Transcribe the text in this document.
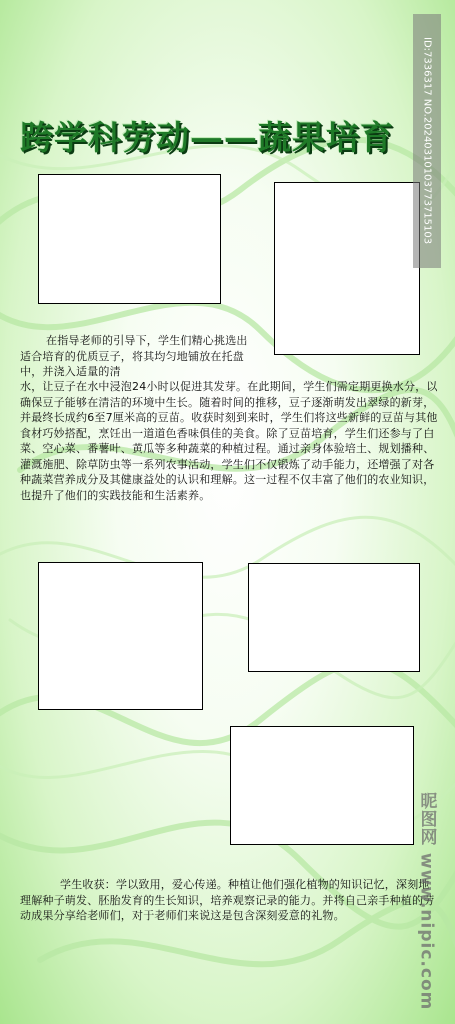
跨学科劳动——蔬果培育

在指导老师的引导下，学生们精心挑选出适合培育的优质豆子，将其均匀地铺放在托盘中，并浇入适量的清

水，让豆子在水中浸泡24小时以促进其发芽。在此期间，学生们需定期更换水分，以确保豆子能够在清洁的环境中生长。随着时间的推移，豆子逐渐萌发出翠绿的新芽，并最终长成约6至7厘米高的豆苗。收获时刻到来时，学生们将这些新鲜的豆苗与其他食材巧妙搭配，烹饪出一道道色香味俱佳的美食。除了豆苗培育，学生们还参与了白菜、空心菜、番薯叶、黄瓜等多种蔬菜的种植过程。通过亲身体验培土、规划播种、灌溉施肥、除草防虫等一系列农事活动，学生们不仅锻炼了动手能力，还增强了对各种蔬菜营养成分及其健康益处的认识和理解。这一过程不仅丰富了他们的农业知识，也提升了他们的实践技能和生活素养。

学生收获：学以致用，爱心传递。种植让他们强化植物的知识记忆，深刻地理解种子萌发、胚胎发育的生长知识，培养观察记录的能力。并将自己亲手种植的劳动成果分享给老师们，对于老师们来说这是包含深刻爱意的礼物。

ID:7336317 NO.20240310103773715103
昵图网 www.nipic.com
